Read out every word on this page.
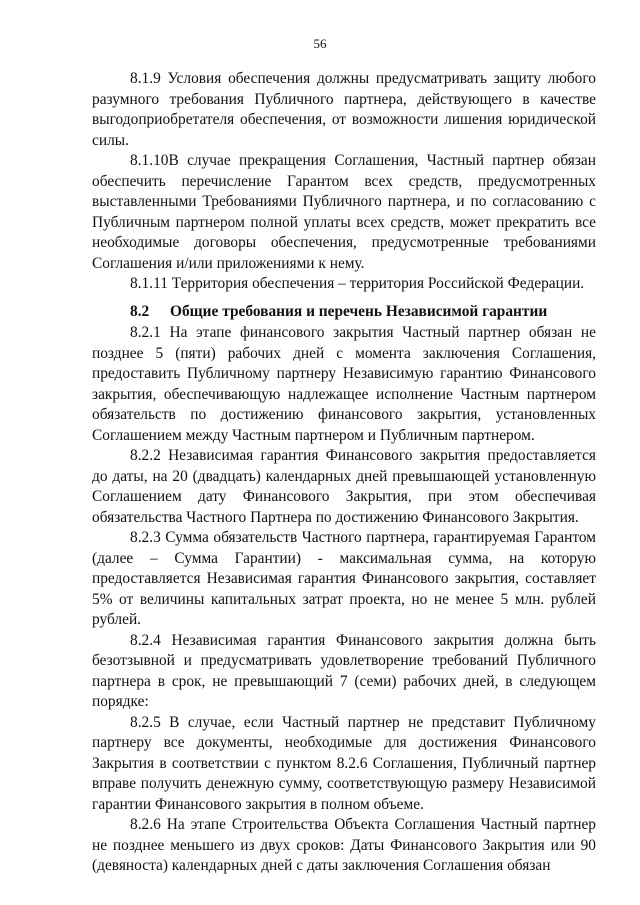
56

8.1.9 Условия обеспечения должны предусматривать защиту любого разумного требования Публичного партнера, действующего в качестве выгодоприобретателя обеспечения, от возможности лишения юридической силы.

8.1.10В случае прекращения Соглашения, Частный партнер обязан обеспечить перечисление Гарантом всех средств, предусмотренных выставленными Требованиями Публичного партнера, и по согласованию с Публичным партнером полной уплаты всех средств, может прекратить все необходимые договоры обеспечения, предусмотренные требованиями Соглашения и/или приложениями к нему.

8.1.11 Территория обеспечения – территория Российской Федерации.

8.2 Общие требования и перечень Независимой гарантии

8.2.1 На этапе финансового закрытия Частный партнер обязан не позднее 5 (пяти) рабочих дней с момента заключения Соглашения, предоставить Публичному партнеру Независимую гарантию Финансового закрытия, обеспечивающую надлежащее исполнение Частным партнером обязательств по достижению финансового закрытия, установленных Соглашением между Частным партнером и Публичным партнером.

8.2.2 Независимая гарантия Финансового закрытия предоставляется до даты, на 20 (двадцать) календарных дней превышающей установленную Соглашением дату Финансового Закрытия, при этом обеспечивая обязательства Частного Партнера по достижению Финансового Закрытия.

8.2.3 Сумма обязательств Частного партнера, гарантируемая Гарантом (далее – Сумма Гарантии) - максимальная сумма, на которую предоставляется Независимая гарантия Финансового закрытия, составляет 5% от величины капитальных затрат проекта, но не менее 5 млн. рублей рублей.

8.2.4 Независимая гарантия Финансового закрытия должна быть безотзывной и предусматривать удовлетворение требований Публичного партнера в срок, не превышающий 7 (семи) рабочих дней, в следующем порядке:

8.2.5 В случае, если Частный партнер не представит Публичному партнеру все документы, необходимые для достижения Финансового Закрытия в соответствии с пунктом 8.2.6 Соглашения, Публичный партнер вправе получить денежную сумму, соответствующую размеру Независимой гарантии Финансового закрытия в полном объеме.

8.2.6 На этапе Строительства Объекта Соглашения Частный партнер не позднее меньшего из двух сроков: Даты Финансового Закрытия или 90 (девяноста) календарных дней с даты заключения Соглашения обязан
